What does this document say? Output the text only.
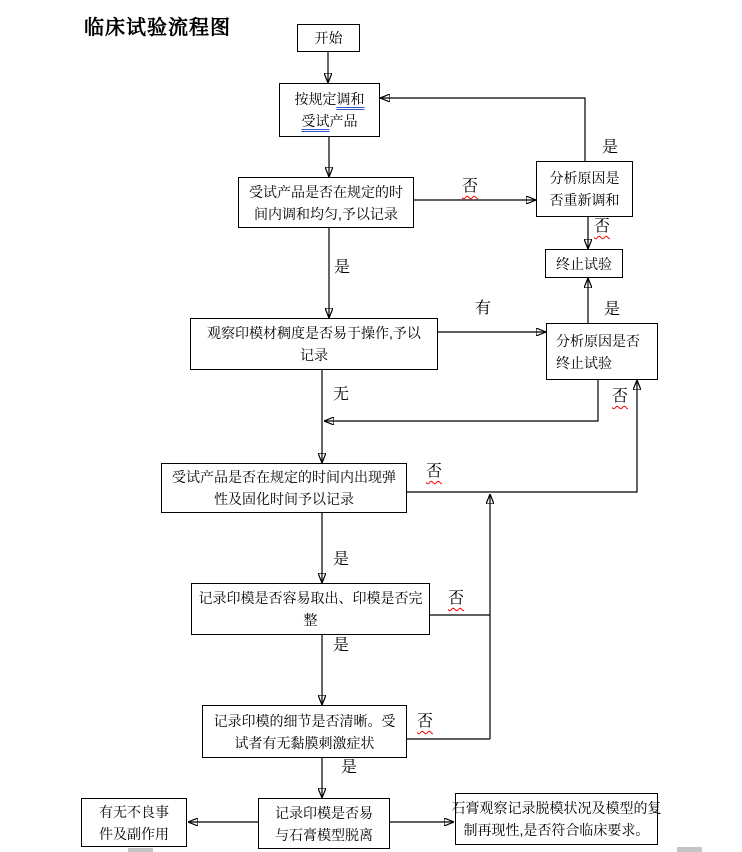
临床试验流程图	开始
按规定调和
受试产品
受试产品是否在规定的时
间内调和均匀,予以记录
分析原因是
否重新调和
终止试验
观察印模材稠度是否易于操作,予以
记录
分析原因是否
终止试验
受试产品是否在规定的时间内出现弹
性及固化时间予以记录
记录印模是否容易取出、印模是否完
整
记录印模的细节是否清晰。受
试者有无黏膜刺激症状
记录印模是否易
与石膏模型脱离
有无不良事
件及副作用
石膏观察记录脱模状况及模型的复
制再现性,是否符合临床要求。
否
是
否
是
有	是
无	否
否
是
否
是
否
是
